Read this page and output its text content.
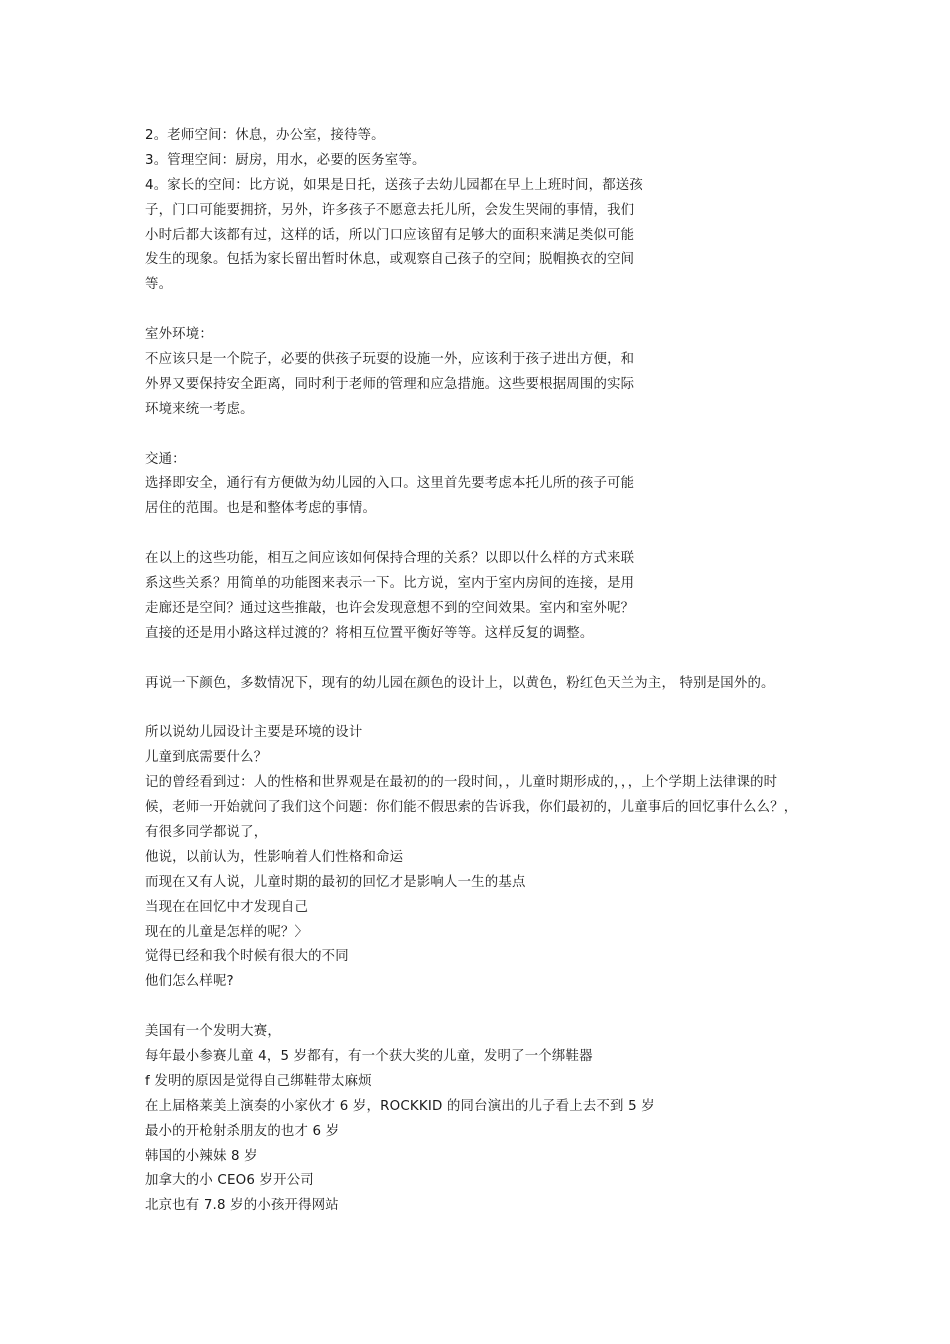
2。老师空间：休息，办公室，接待等。
3。管理空间：厨房，用水，必要的医务室等。
4。家长的空间：比方说，如果是日托，送孩子去幼儿园都在早上上班时间，都送孩
子，门口可能要拥挤，另外，许多孩子不愿意去托儿所，会发生哭闹的事情，我们
小时后都大该都有过，这样的话，所以门口应该留有足够大的面积来满足类似可能
发生的现象。包括为家长留出暂时休息，或观察自己孩子的空间；脱帽换衣的空间
等。
室外环境：
不应该只是一个院子，必要的供孩子玩耍的设施一外，应该利于孩子进出方便，和
外界又要保持安全距离，同时利于老师的管理和应急措施。这些要根据周围的实际
环境来统一考虑。
交通：
选择即安全，通行有方便做为幼儿园的入口。这里首先要考虑本托儿所的孩子可能
居住的范围。也是和整体考虑的事情。
在以上的这些功能，相互之间应该如何保持合理的关系？以即以什么样的方式来联
系这些关系？用简单的功能图来表示一下。比方说，室内于室内房间的连接，是用
走廊还是空间？通过这些推敲，也许会发现意想不到的空间效果。室内和室外呢？
直接的还是用小路这样过渡的？将相互位置平衡好等等。这样反复的调整。
再说一下颜色，多数情况下，现有的幼儿园在颜色的设计上，以黄色，粉红色天兰为主， 特别是国外的。
所以说幼儿园设计主要是环境的设计
儿童到底需要什么？
记的曾经看到过：人的性格和世界观是在最初的的一段时间，，儿童时期形成的，，，上个学期上法律课的时
候，老师一开始就问了我们这个问题：你们能不假思索的告诉我，你们最初的，儿童事后的回忆事什么么？，
有很多同学都说了，
他说，以前认为，性影响着人们性格和命运
而现在又有人说，儿童时期的最初的回忆才是影响人一生的基点
当现在在回忆中才发现自己
现在的儿童是怎样的呢？〉
觉得已经和我个时候有很大的不同
他们怎么样呢?
美国有一个发明大赛，
每年最小参赛儿童 4，5 岁都有，有一个获大奖的儿童，发明了一个绑鞋器
f 发明的原因是觉得自己绑鞋带太麻烦
在上届格莱美上演奏的小家伙才 6 岁，ROCKKID 的同台演出的儿子看上去不到 5 岁
最小的开枪射杀朋友的也才 6 岁
韩国的小辣妹 8 岁
加拿大的小 CEO6 岁开公司
北京也有 7.8 岁的小孩开得网站
